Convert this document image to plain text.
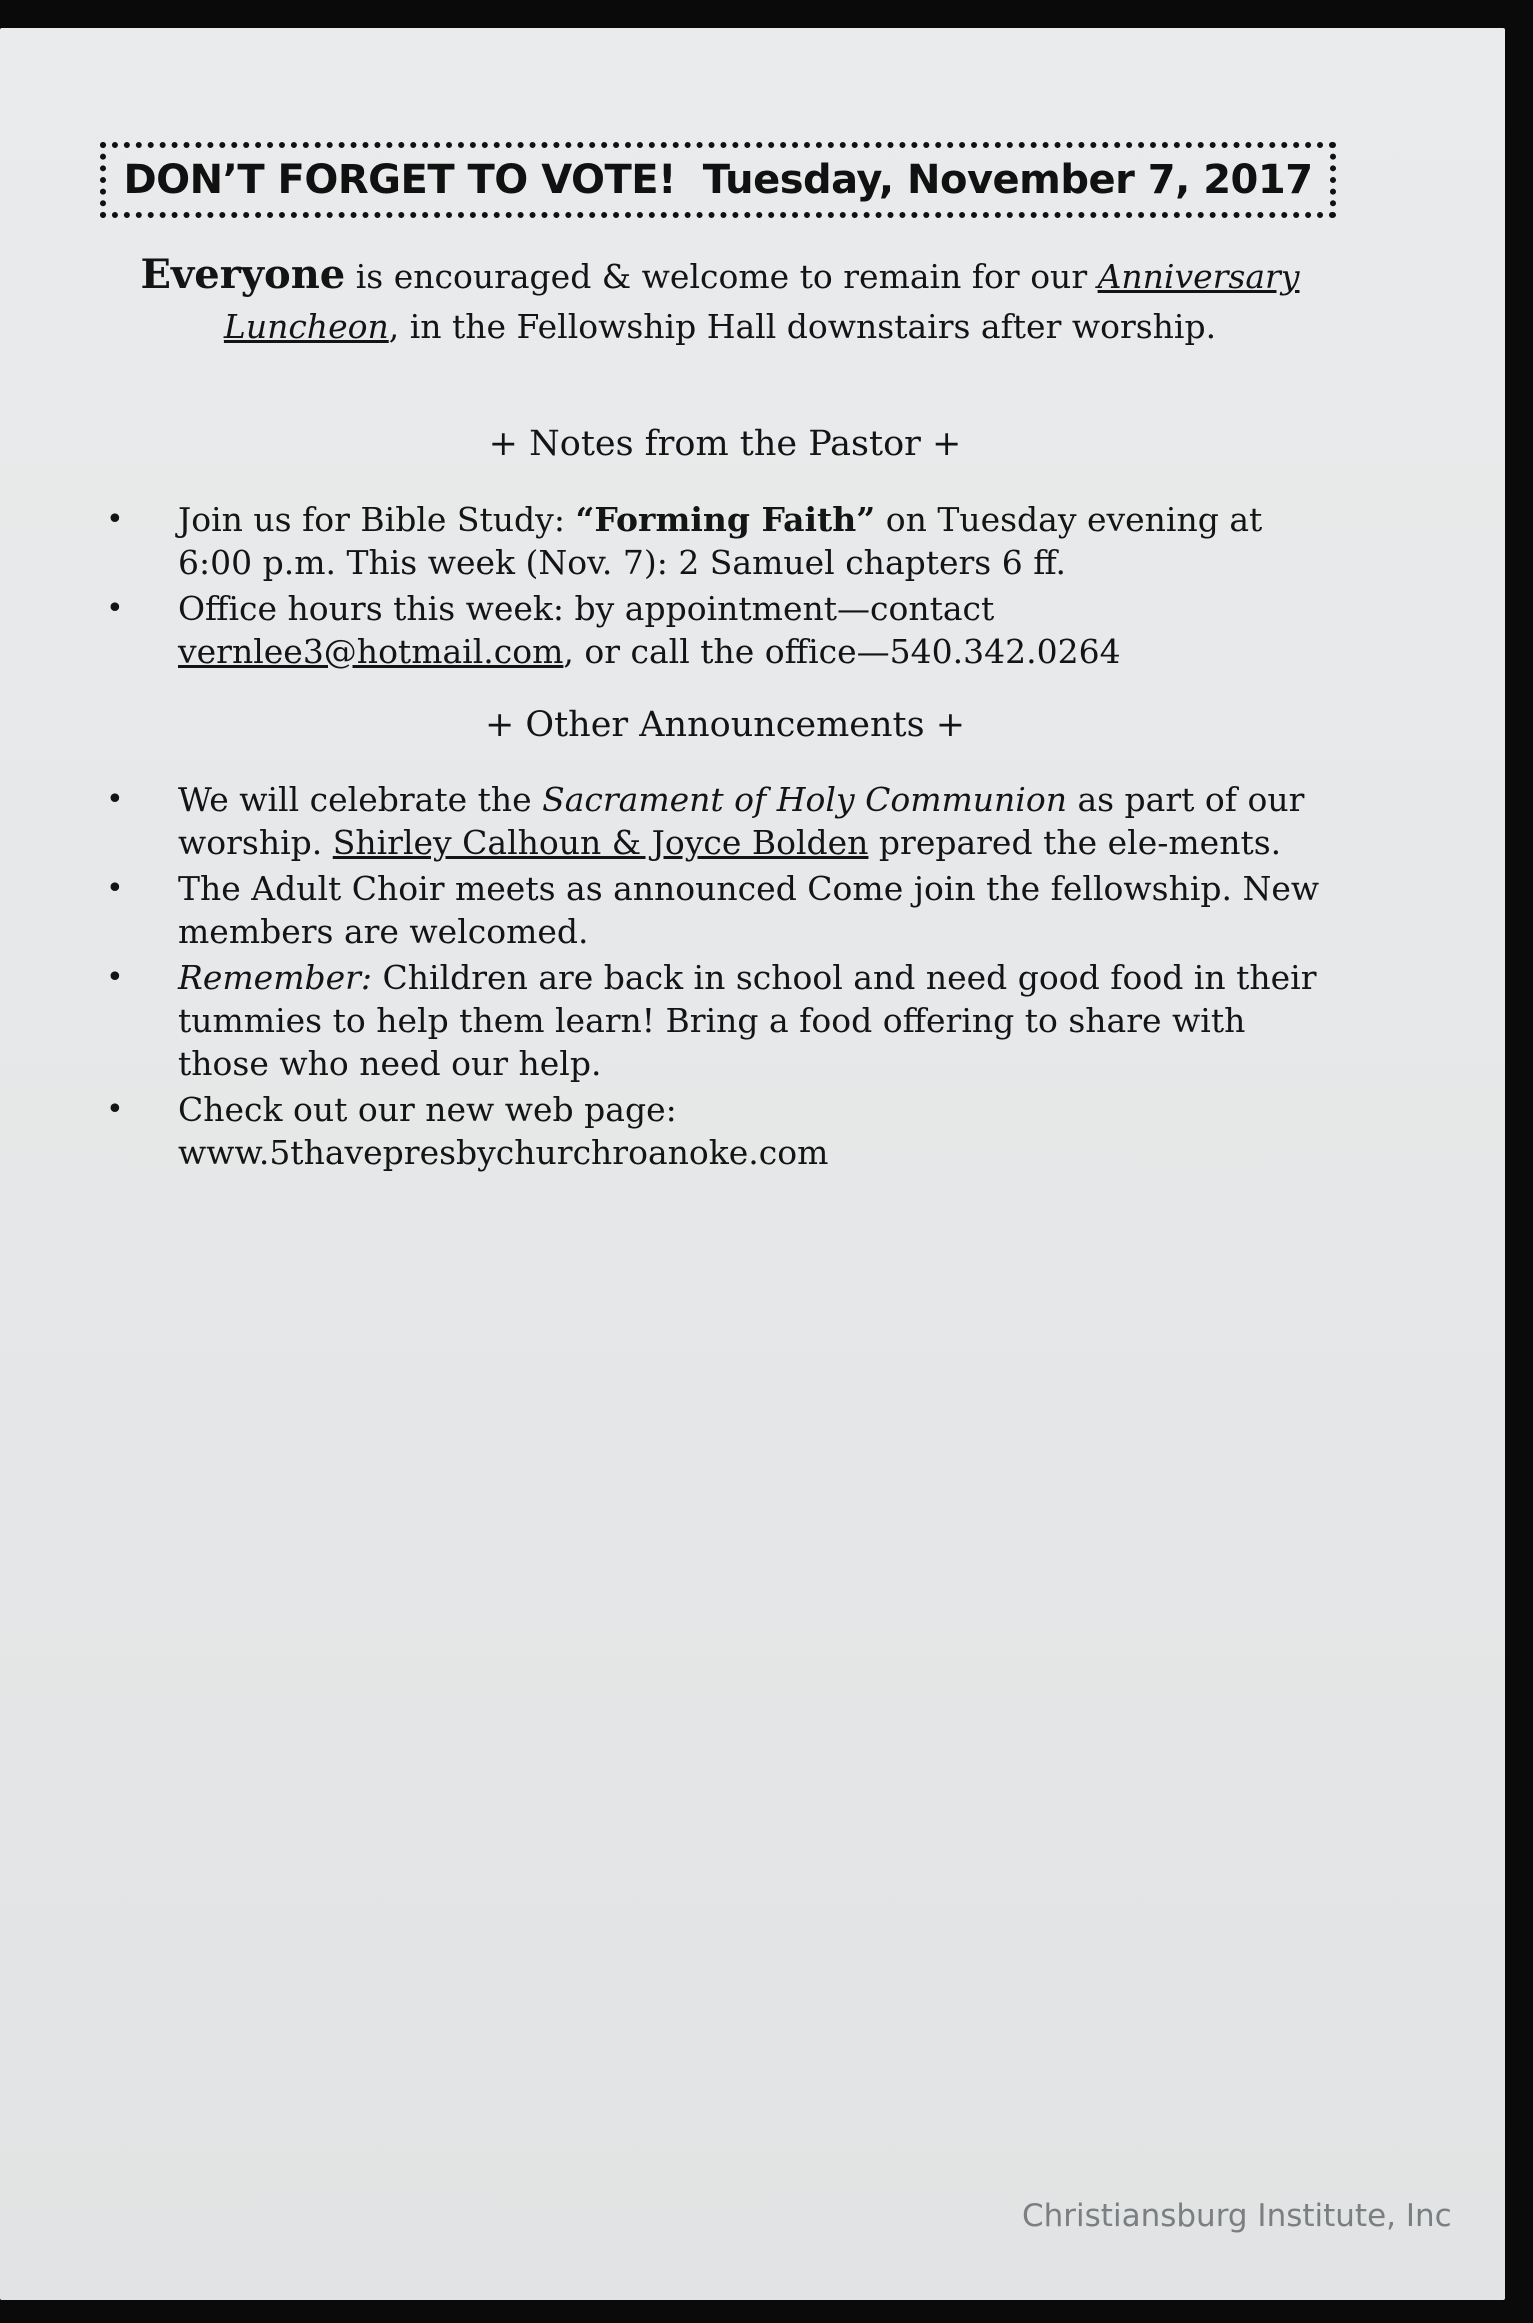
DON’T FORGET TO VOTE!
Tuesday, November 7, 2017
Everyone is encouraged & welcome to remain for our Anniversary Luncheon, in the Fellowship Hall downstairs after worship.
+ Notes from the Pastor +
• Join us for Bible Study: “Forming Faith” on Tuesday evening at 6:00 p.m. This week (Nov. 7): 2 Samuel chapters 6 ff.
• Office hours this week: by appointment—contact vernlee3@hotmail.com, or call the office—540.342.0264
+ Other Announcements +
• We will celebrate the Sacrament of Holy Communion as part of our worship. Shirley Calhoun & Joyce Bolden prepared the ele-ments.
• The Adult Choir meets as announced Come join the fellowship. New members are welcomed.
• Remember: Children are back in school and need good food in their tummies to help them learn! Bring a food offering to share with those who need our help.
• Check out our new web page: www.5thavepresbychurchroanoke.com
Christiansburg Institute, Inc
